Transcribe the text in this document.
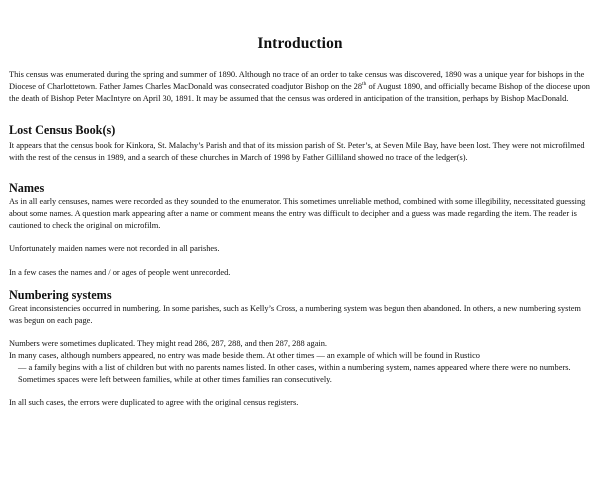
Introduction

This census was enumerated during the spring and summer of 1890. Although no trace of an order to take census was discovered, 1890 was a unique year for bishops in the Diocese of Charlottetown. Father James Charles MacDonald was consecrated coadjutor Bishop on the 28th of August 1890, and officially became Bishop of the diocese upon the death of Bishop Peter MacIntyre on April 30, 1891. It may be assumed that the census was ordered in anticipation of the transition, perhaps by Bishop MacDonald.

Lost Census Book(s)

It appears that the census book for Kinkora, St. Malachy’s Parish and that of its mission parish of St. Peter’s, at Seven Mile Bay, have been lost. They were not microfilmed with the rest of the census in 1989, and a search of these churches in March of 1998 by Father Gilliland showed no trace of the ledger(s).

Names

As in all early censuses, names were recorded as they sounded to the enumerator. This sometimes unreliable method, combined with some illegibility, necessitated guessing about some names. A question mark appearing after a name or comment means the entry was difficult to decipher and a guess was made regarding the item. The reader is cautioned to check the original on microfilm.

Unfortunately maiden names were not recorded in all parishes.

In a few cases the names and / or ages of people went unrecorded.

Numbering systems

Great inconsistencies occurred in numbering. In some parishes, such as Kelly’s Cross, a numbering system was begun then abandoned. In others, a new numbering system was begun on each page.

Numbers were sometimes duplicated. They might read 286, 287, 288, and then 287, 288 again.

In many cases, although numbers appeared, no entry was made beside them. At other times — an example of which will be found in Rustico

— a family begins with a list of children but with no parents names listed. In other cases, within a numbering system, names appeared where there were no numbers. Sometimes spaces were left between families, while at other times families ran consecutively.

In all such cases, the errors were duplicated to agree with the original census registers.
